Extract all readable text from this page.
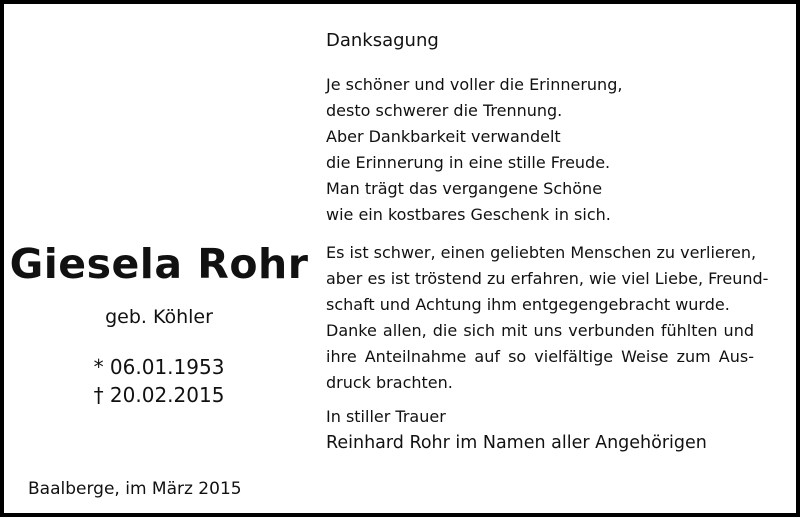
Giesela Rohr
geb. Köhler
* 06.01.1953
† 20.02.2015
Baalberge, im März 2015
Danksagung
Je schöner und voller die Erinnerung,
desto schwerer die Trennung.
Aber Dankbarkeit verwandelt
die Erinnerung in eine stille Freude.
Man trägt das vergangene Schöne
wie ein kostbares Geschenk in sich.
Es ist schwer, einen geliebten Menschen zu verlieren,
aber es ist tröstend zu erfahren, wie viel Liebe, Freund-
schaft und Achtung ihm entgegengebracht wurde.
Danke allen, die sich mit uns verbunden fühlten und
ihre Anteilnahme auf so vielfältige Weise zum Aus-
druck brachten.
In stiller Trauer
Reinhard Rohr im Namen aller Angehörigen
